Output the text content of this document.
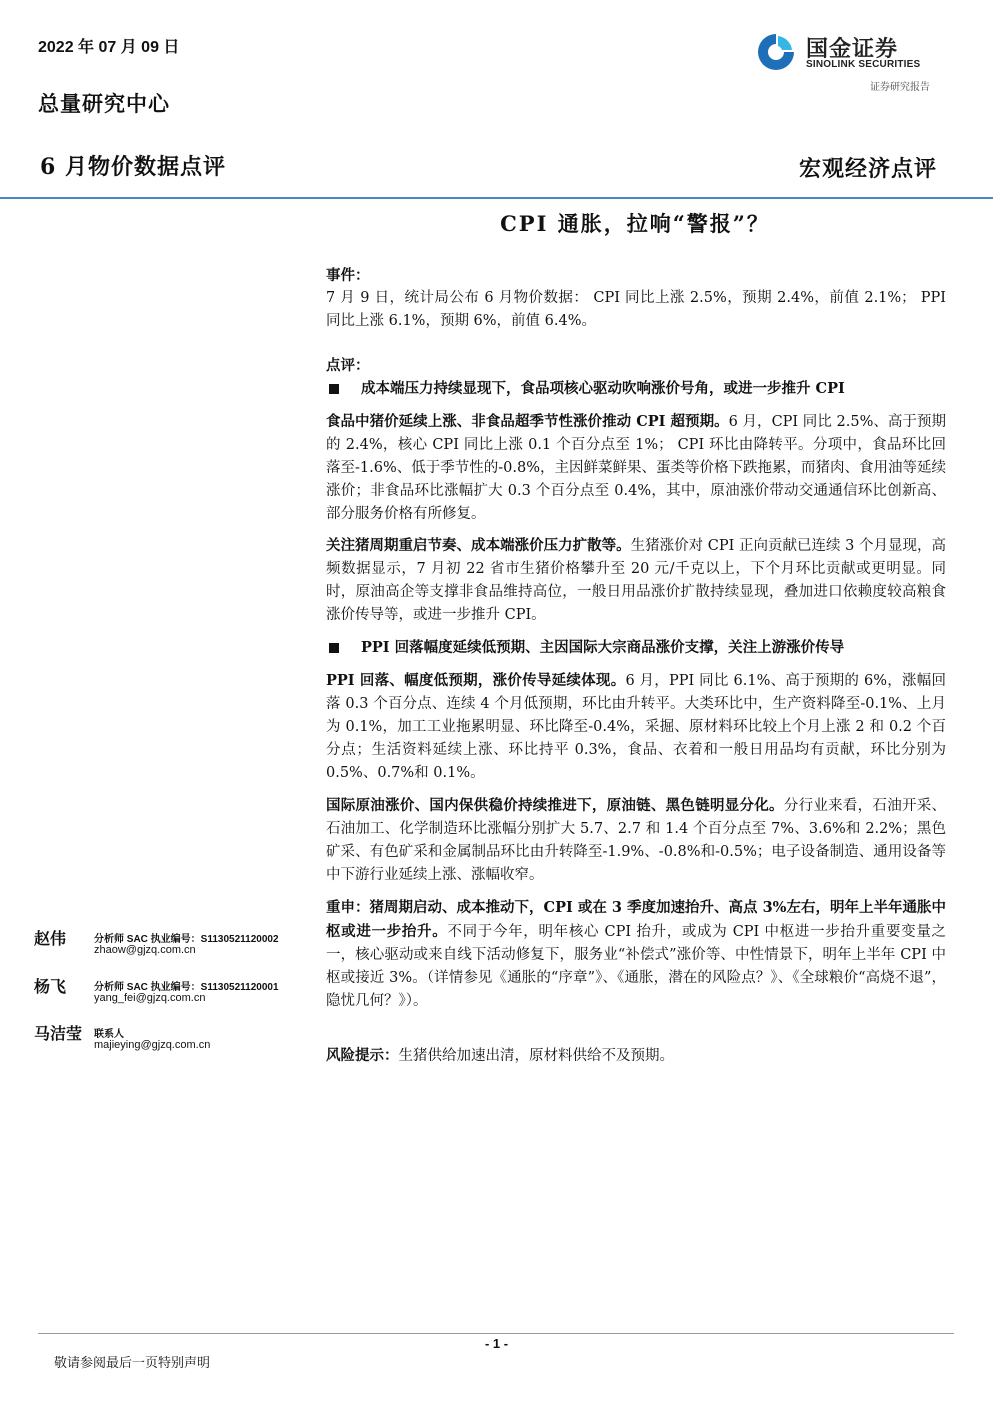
2022 年 07 月 09 日
总量研究中心
6 月物价数据点评	宏观经济点评
国金证券
SINOLINK SECURITIES
证券研究报告
CPI 通胀，拉响“警报”？

事件：

7 月 9 日，统计局公布 6 月物价数据： CPI 同比上涨 2.5%，预期 2.4%，前值 2.1%； PPI 同比上涨 6.1%，预期 6%，前值 6.4%。

点评：

成本端压力持续显现下，食品项核心驱动吹响涨价号角，或进一步推升 CPI

食品中猪价延续上涨、非食品超季节性涨价推动 CPI 超预期。6 月，CPI 同比 2.5%、高于预期的 2.4%，核心 CPI 同比上涨 0.1 个百分点至 1%； CPI 环比由降转平。分项中，食品环比回落至-1.6%、低于季节性的-0.8%，主因鲜菜鲜果、蛋类等价格下跌拖累，而猪肉、食用油等延续涨价；非食品环比涨幅扩大 0.3 个百分点至 0.4%，其中，原油涨价带动交通通信环比创新高、部分服务价格有所修复。

关注猪周期重启节奏、成本端涨价压力扩散等。生猪涨价对 CPI 正向贡献已连续 3 个月显现，高频数据显示，7 月初 22 省市生猪价格攀升至 20 元/千克以上，下个月环比贡献或更明显。同时，原油高企等支撑非食品维持高位，一般日用品涨价扩散持续显现，叠加进口依赖度较高粮食涨价传导等，或进一步推升 CPI。

PPI 回落幅度延续低预期、主因国际大宗商品涨价支撑，关注上游涨价传导

PPI 回落、幅度低预期，涨价传导延续体现。6 月，PPI 同比 6.1%、高于预期的 6%，涨幅回落 0.3 个百分点、连续 4 个月低预期，环比由升转平。大类环比中，生产资料降至-0.1%、上月为 0.1%，加工工业拖累明显、环比降至-0.4%，采掘、原材料环比较上个月上涨 2 和 0.2 个百分点；生活资料延续上涨、环比持平 0.3%，食品、衣着和一般日用品均有贡献，环比分别为 0.5%、0.7%和 0.1%。

国际原油涨价、国内保供稳价持续推进下，原油链、黑色链明显分化。分行业来看，石油开采、石油加工、化学制造环比涨幅分别扩大 5.7、2.7 和 1.4 个百分点至 7%、3.6%和 2.2%；黑色矿采、有色矿采和金属制品环比由升转降至-1.9%、-0.8%和-0.5%；电子设备制造、通用设备等中下游行业延续上涨、涨幅收窄。

重申：猪周期启动、成本推动下，CPI 或在 3 季度加速抬升、高点 3%左右，明年上半年通胀中枢或进一步抬升。不同于今年，明年核心 CPI 抬升，或成为 CPI 中枢进一步抬升重要变量之一，核心驱动或来自线下活动修复下，服务业“补偿式”涨价等、中性情景下，明年上半年 CPI 中枢或接近 3%。（详情参见《通胀的“序章”》、《通胀，潜在的风险点？》、《全球粮价“高烧不退”，隐忧几何？》）。

风险提示：生猪供给加速出清，原材料供给不及预期。

赵伟	分析师 SAC 执业编号：S1130521120002
zhaow@gjzq.com.cn
杨飞	分析师 SAC 执业编号：S1130521120001
yang_fei@gjzq.com.cn
马洁莹 联系人
majieying@gjzq.com.cn
- 1 -
敬请参阅最后一页特别声明
